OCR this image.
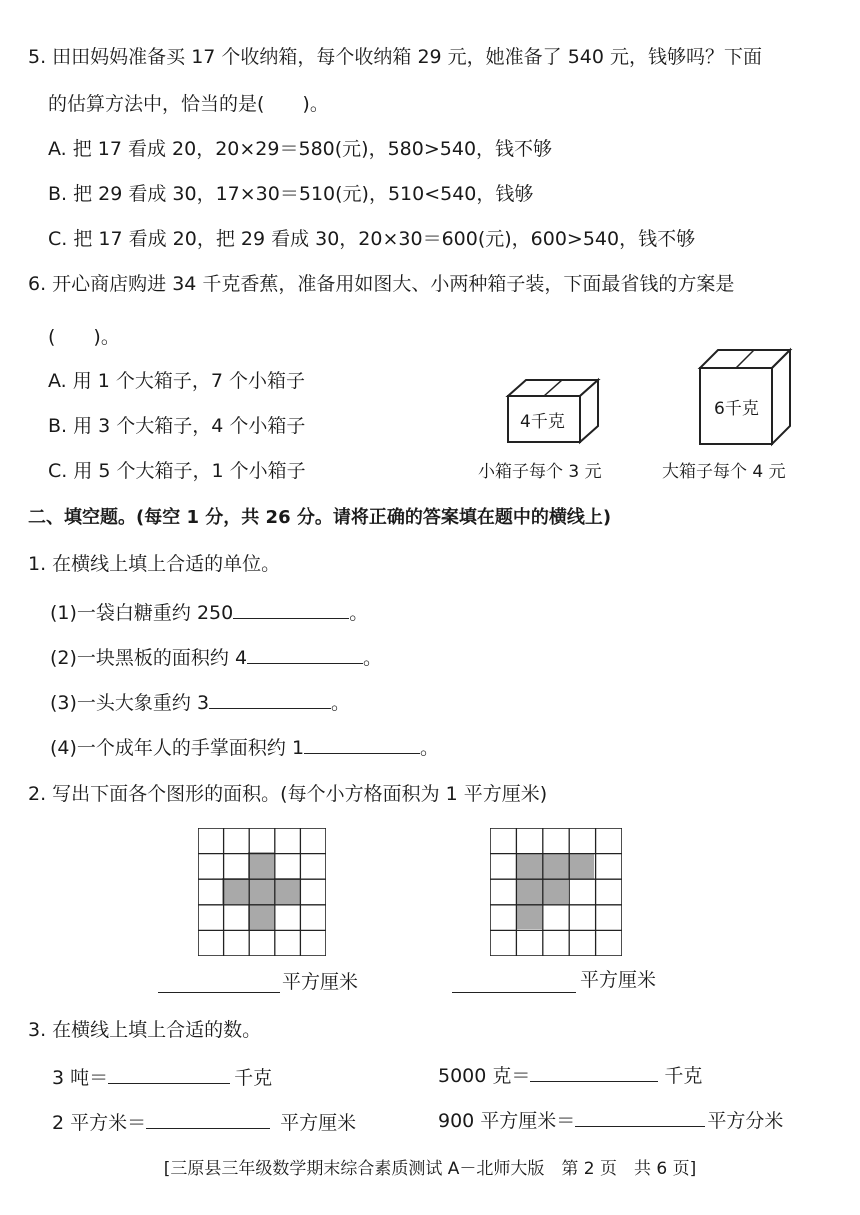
5. 田田妈妈准备买 17 个收纳箱，每个收纳箱 29 元，她准备了 540 元，钱够吗？下面
的估算方法中，恰当的是(　　)。
A. 把 17 看成 20，20×29＝580(元)，580>540，钱不够
B. 把 29 看成 30，17×30＝510(元)，510<540，钱够
C. 把 17 看成 20，把 29 看成 30，20×30＝600(元)，600>540，钱不够
6. 开心商店购进 34 千克香蕉，准备用如图大、小两种箱子装，下面最省钱的方案是
(　　)。
A. 用 1 个大箱子，7 个小箱子
B. 用 3 个大箱子，4 个小箱子
C. 用 5 个大箱子，1 个小箱子
4千克
6千克
小箱子每个 3 元	大箱子每个 4 元
二、填空题。(每空 1 分，共 26 分。请将正确的答案填在题中的横线上)
1. 在横线上填上合适的单位。
(1)一袋白糖重约 250	。
(2)一块黑板的面积约 4	。
(3)一头大象重约 3	。
(4)一个成年人的手掌面积约 1	。
2. 写出下面各个图形的面积。(每个小方格面积为 1 平方厘米)
平方厘米	平方厘米
3. 在横线上填上合适的数。
3 吨＝	千克	5000 克＝	千克
2 平方米＝	平方厘米	900 平方厘米＝	平方分米
[三原县三年级数学期末综合素质测试 A－北师大版　第 2 页　共 6 页]
